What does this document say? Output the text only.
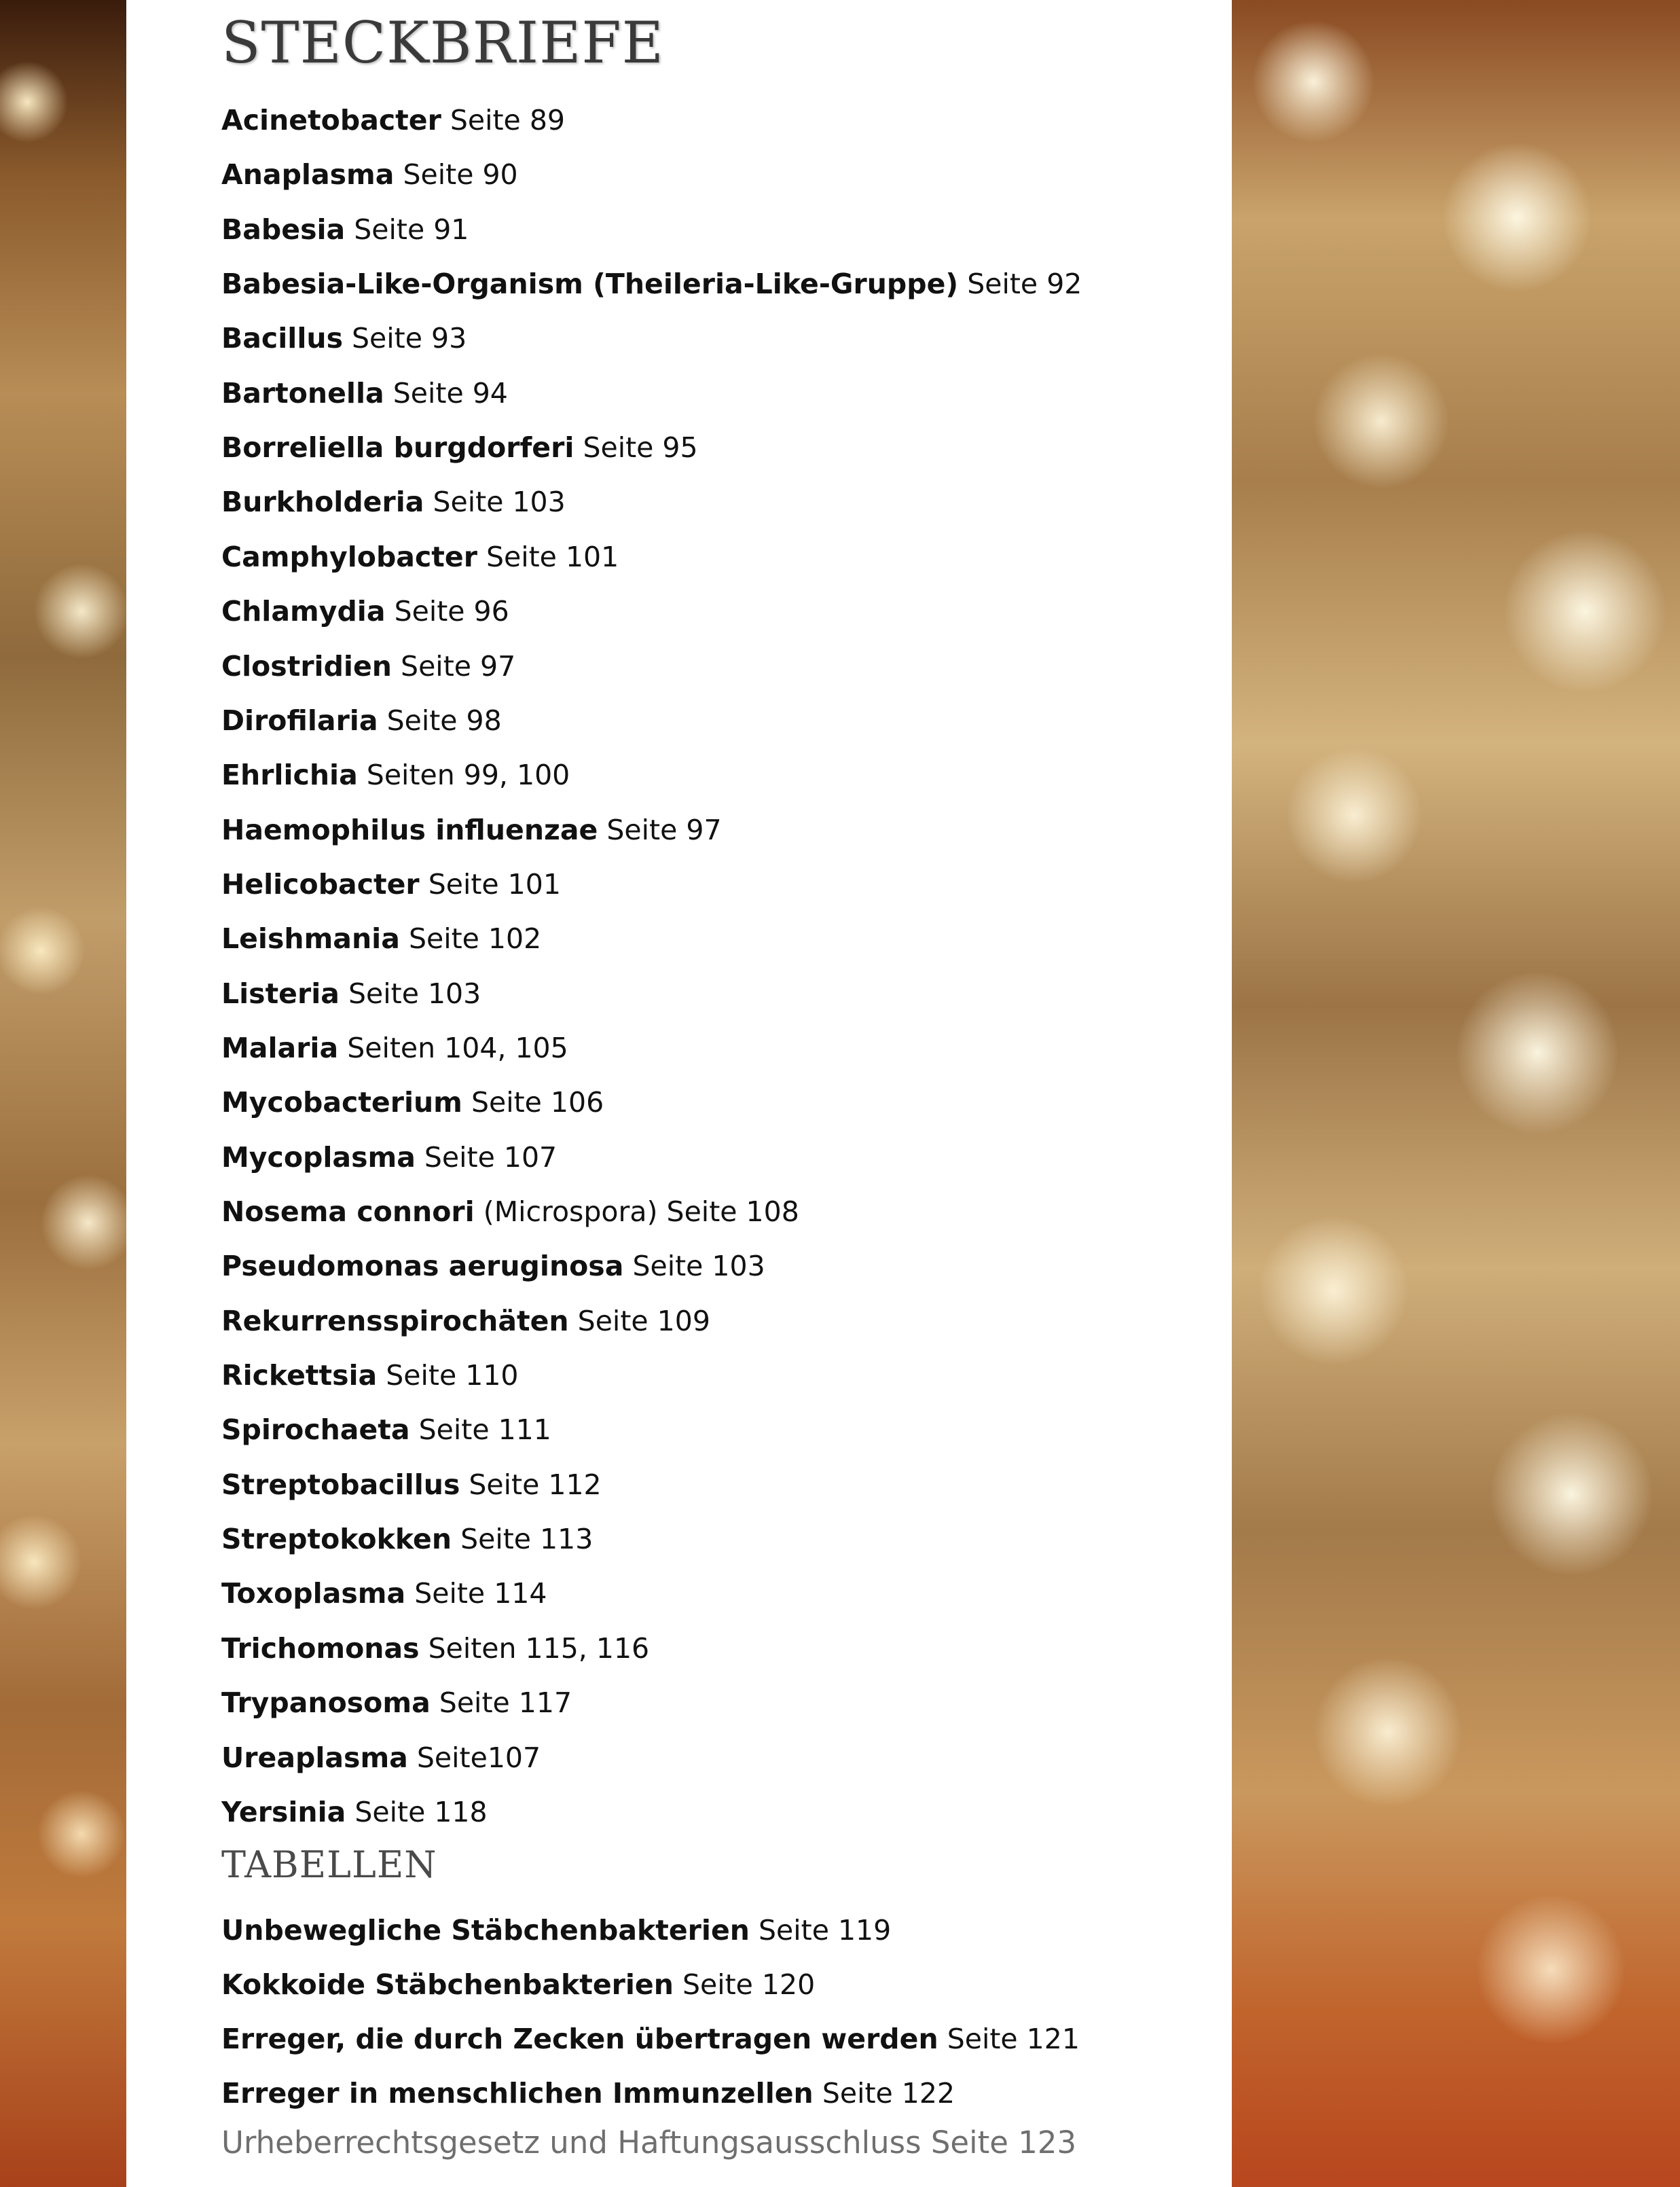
STECKBRIEFE

Acinetobacter Seite 89

Anaplasma Seite 90

Babesia Seite 91

Babesia-Like-Organism (Theileria-Like-Gruppe) Seite 92

Bacillus Seite 93

Bartonella Seite 94

Borreliella burgdorferi Seite 95

Burkholderia Seite 103

Camphylobacter Seite 101

Chlamydia Seite 96

Clostridien Seite 97

Dirofilaria Seite 98

Ehrlichia Seiten 99, 100

Haemophilus influenzae Seite 97

Helicobacter Seite 101

Leishmania Seite 102

Listeria Seite 103

Malaria Seiten 104, 105

Mycobacterium Seite 106

Mycoplasma Seite 107

Nosema connori (Microspora) Seite 108

Pseudomonas aeruginosa Seite 103

Rekurrensspirochäten Seite 109

Rickettsia Seite 110

Spirochaeta Seite 111

Streptobacillus Seite 112

Streptokokken Seite 113

Toxoplasma Seite 114

Trichomonas Seiten 115, 116

Trypanosoma Seite 117

Ureaplasma Seite107

Yersinia Seite 118

TABELLEN

Unbewegliche Stäbchenbakterien Seite 119

Kokkoide Stäbchenbakterien Seite 120

Erreger, die durch Zecken übertragen werden Seite 121

Erreger in menschlichen Immunzellen Seite 122

Urheberrechtsgesetz und Haftungsausschluss Seite 123
